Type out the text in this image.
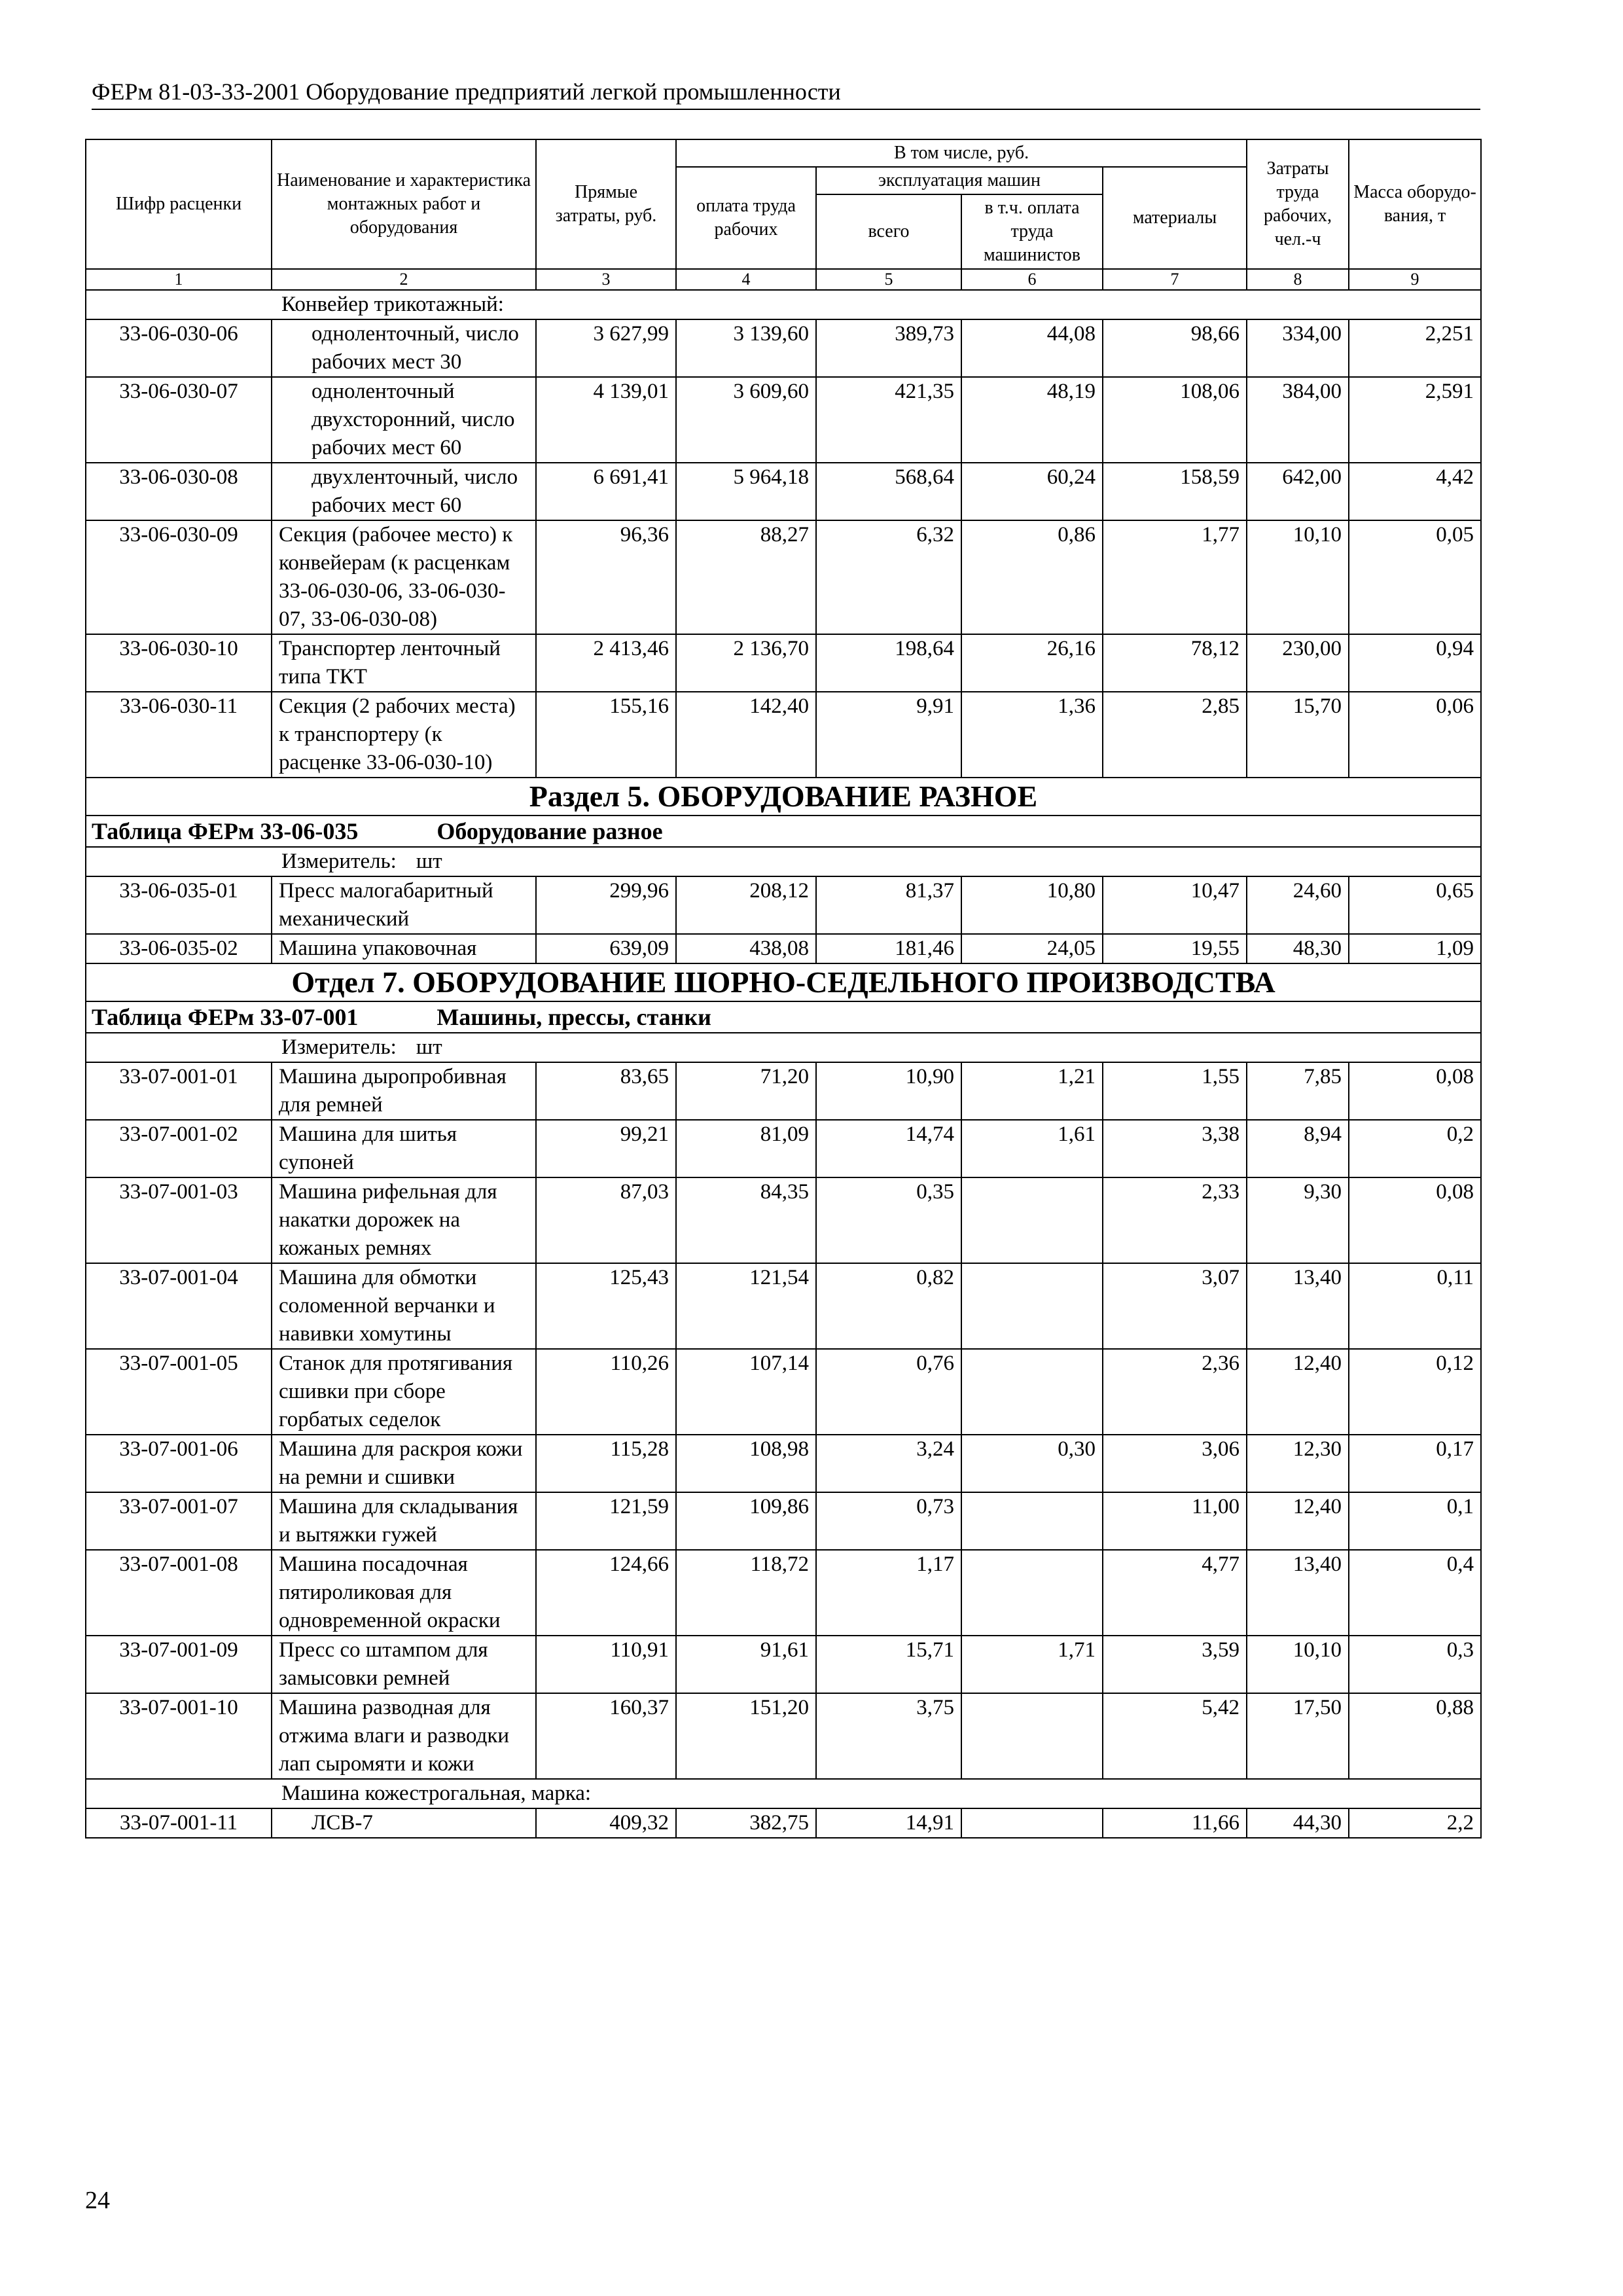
ФЕРм 81-03-33-2001 Оборудование предприятий легкой промышленности
Шифр расценки	Наименование и характеристика монтажных работ и оборудования	Прямые затраты, руб.	В том числе, руб.				Затраты труда рабочих, чел.-ч	Масса оборудо-вания, т
			оплата труда рабочих	эксплуатация машин		материалы		
				всего	в т.ч. оплата труда машинистов			
1	2	3	4	5	6	7	8	9
Конвейер трикотажный:								
33-06-030-06	одноленточный, число рабочих мест 30	3 627,99	3 139,60	389,73	44,08	98,66	334,00	2,251
33-06-030-07	одноленточный двухсторонний, число рабочих мест 60	4 139,01	3 609,60	421,35	48,19	108,06	384,00	2,591
33-06-030-08	двухленточный, число рабочих мест 60	6 691,41	5 964,18	568,64	60,24	158,59	642,00	4,42
33-06-030-09	Секция (рабочее место) к конвейерам (к расценкам 33-06-030-06, 33-06-030-07, 33-06-030-08)	96,36	88,27	6,32	0,86	1,77	10,10	0,05
33-06-030-10	Транспортер ленточный типа ТКТ	2 413,46	2 136,70	198,64	26,16	78,12	230,00	0,94
33-06-030-11	Секция (2 рабочих места) к транспортеру (к расценке 33-06-030-10)	155,16	142,40	9,91	1,36	2,85	15,70	0,06
Раздел 5. ОБОРУДОВАНИЕ РАЗНОЕ								
Таблица ФЕРм 33-06-035 Оборудование разное								
Измеритель: шт								
33-06-035-01	Пресс малогабаритный механический	299,96	208,12	81,37	10,80	10,47	24,60	0,65
33-06-035-02	Машина упаковочная	639,09	438,08	181,46	24,05	19,55	48,30	1,09
Отдел 7. ОБОРУДОВАНИЕ ШОРНО-СЕДЕЛЬНОГО ПРОИЗВОДСТВА								
Таблица ФЕРм 33-07-001 Машины, прессы, станки								
Измеритель: шт								
33-07-001-01	Машина дыропробивная для ремней	83,65	71,20	10,90	1,21	1,55	7,85	0,08
33-07-001-02	Машина для шитья супоней	99,21	81,09	14,74	1,61	3,38	8,94	0,2
33-07-001-03	Машина рифельная для накатки дорожек на кожаных ремнях	87,03	84,35	0,35		2,33	9,30	0,08
33-07-001-04	Машина для обмотки соломенной верчанки и навивки хомутины	125,43	121,54	0,82		3,07	13,40	0,11
33-07-001-05	Станок для протягивания сшивки при сборе горбатых седелок	110,26	107,14	0,76		2,36	12,40	0,12
33-07-001-06	Машина для раскроя кожи на ремни и сшивки	115,28	108,98	3,24	0,30	3,06	12,30	0,17
33-07-001-07	Машина для складывания и вытяжки гужей	121,59	109,86	0,73		11,00	12,40	0,1
33-07-001-08	Машина посадочная пятироликовая для одновременной окраски	124,66	118,72	1,17		4,77	13,40	0,4
33-07-001-09	Пресс со штампом для замысовки ремней	110,91	91,61	15,71	1,71	3,59	10,10	0,3
33-07-001-10	Машина разводная для отжима влаги и разводки лап сыромяти и кожи	160,37	151,20	3,75		5,42	17,50	0,88
Машина кожестрогальная, марка:								
33-07-001-11	ЛСВ-7	409,32	382,75	14,91		11,66	44,30	2,2
24
